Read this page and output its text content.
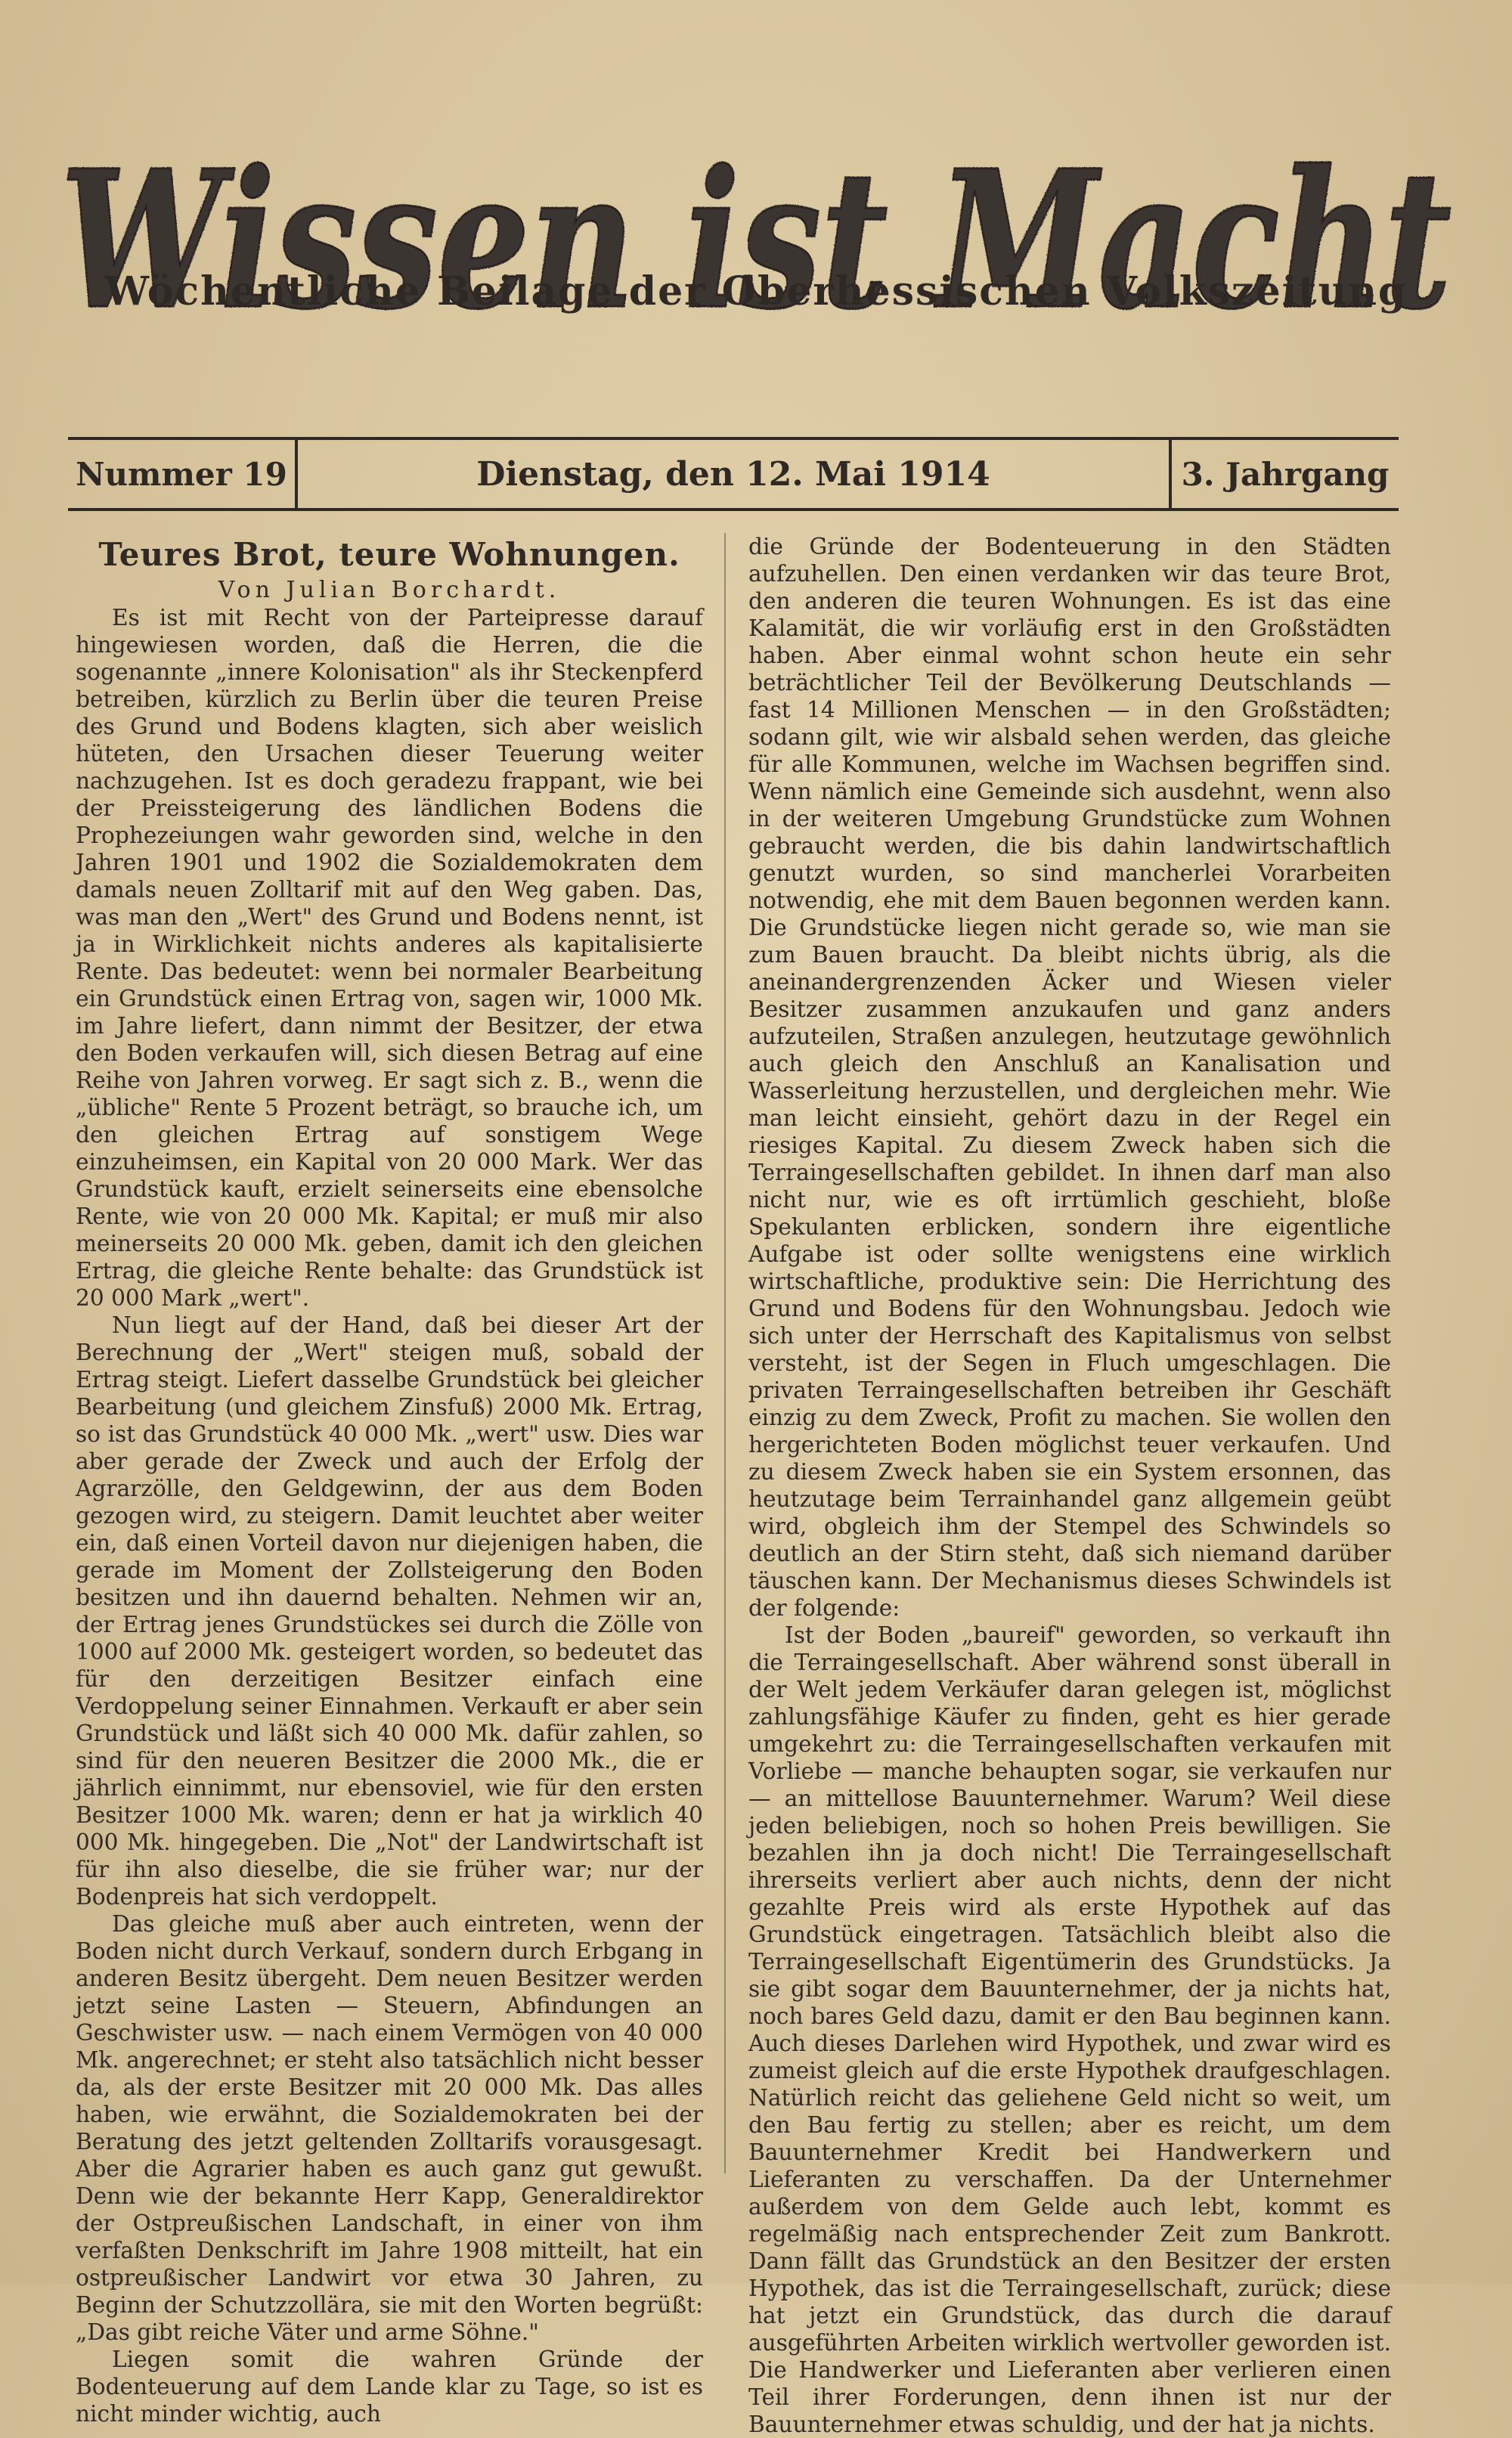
Wissen ist Macht
Wöchentliche Beilage der Oberhessischen Volkszeitung
Nummer 19	Dienstag, den 12. Mai 1914	3. Jahrgang

Teures Brot, teure Wohnungen.

Von Julian Borchardt.

Es ist mit Recht von der Parteipresse darauf hingewiesen worden, daß die Herren, die die sogenannte „innere Kolonisation" als ihr Steckenpferd betreiben, kürzlich zu Berlin über die teuren Preise des Grund und Bodens klagten, sich aber weislich hüteten, den Ursachen dieser Teuerung weiter nachzugehen. Ist es doch geradezu frappant, wie bei der Preissteigerung des ländlichen Bodens die Prophezeiungen wahr geworden sind, welche in den Jahren 1901 und 1902 die Sozialdemokraten dem damals neuen Zolltarif mit auf den Weg gaben. Das, was man den „Wert" des Grund und Bodens nennt, ist ja in Wirklichkeit nichts anderes als kapitalisierte Rente. Das bedeutet: wenn bei normaler Bearbeitung ein Grundstück einen Ertrag von, sagen wir, 1000 Mk. im Jahre liefert, dann nimmt der Besitzer, der etwa den Boden verkaufen will, sich diesen Betrag auf eine Reihe von Jahren vorweg. Er sagt sich z. B., wenn die „übliche" Rente 5 Prozent beträgt, so brauche ich, um den gleichen Ertrag auf sonstigem Wege einzuheimsen, ein Kapital von 20 000 Mark. Wer das Grundstück kauft, erzielt seinerseits eine ebensolche Rente, wie von 20 000 Mk. Kapital; er muß mir also meinerseits 20 000 Mk. geben, damit ich den gleichen Ertrag, die gleiche Rente behalte: das Grundstück ist 20 000 Mark „wert".

Nun liegt auf der Hand, daß bei dieser Art der Berechnung der „Wert" steigen muß, sobald der Ertrag steigt. Liefert dasselbe Grundstück bei gleicher Bearbeitung (und gleichem Zinsfuß) 2000 Mk. Ertrag, so ist das Grundstück 40 000 Mk. „wert" usw. Dies war aber gerade der Zweck und auch der Erfolg der Agrarzölle, den Geldgewinn, der aus dem Boden gezogen wird, zu steigern. Damit leuchtet aber weiter ein, daß einen Vorteil davon nur diejenigen haben, die gerade im Moment der Zollsteigerung den Boden besitzen und ihn dauernd behalten. Nehmen wir an, der Ertrag jenes Grundstückes sei durch die Zölle von 1000 auf 2000 Mk. gesteigert worden, so bedeutet das für den derzeitigen Besitzer einfach eine Verdoppelung seiner Einnahmen. Verkauft er aber sein Grundstück und läßt sich 40 000 Mk. dafür zahlen, so sind für den neueren Besitzer die 2000 Mk., die er jährlich einnimmt, nur ebensoviel, wie für den ersten Besitzer 1000 Mk. waren; denn er hat ja wirklich 40 000 Mk. hingegeben. Die „Not" der Landwirtschaft ist für ihn also dieselbe, die sie früher war; nur der Bodenpreis hat sich verdoppelt.

Das gleiche muß aber auch eintreten, wenn der Boden nicht durch Verkauf, sondern durch Erbgang in anderen Besitz übergeht. Dem neuen Besitzer werden jetzt seine Lasten — Steuern, Abfindungen an Geschwister usw. — nach einem Vermögen von 40 000 Mk. angerechnet; er steht also tatsächlich nicht besser da, als der erste Besitzer mit 20 000 Mk. Das alles haben, wie erwähnt, die Sozialdemokraten bei der Beratung des jetzt geltenden Zolltarifs vorausgesagt. Aber die Agrarier haben es auch ganz gut gewußt. Denn wie der bekannte Herr Kapp, Generaldirektor der Ostpreußischen Landschaft, in einer von ihm verfaßten Denkschrift im Jahre 1908 mitteilt, hat ein ostpreußischer Landwirt vor etwa 30 Jahren, zu Beginn der Schutzzollära, sie mit den Worten begrüßt: „Das gibt reiche Väter und arme Söhne."

Liegen somit die wahren Gründe der Bodenteuerung auf dem Lande klar zu Tage, so ist es nicht minder wichtig, auch

die Gründe der Bodenteuerung in den Städten aufzuhellen. Den einen verdanken wir das teure Brot, den anderen die teuren Wohnungen. Es ist das eine Kalamität, die wir vorläufig erst in den Großstädten haben. Aber einmal wohnt schon heute ein sehr beträchtlicher Teil der Bevölkerung Deutschlands — fast 14 Millionen Menschen — in den Großstädten; sodann gilt, wie wir alsbald sehen werden, das gleiche für alle Kommunen, welche im Wachsen begriffen sind. Wenn nämlich eine Gemeinde sich ausdehnt, wenn also in der weiteren Umgebung Grundstücke zum Wohnen gebraucht werden, die bis dahin landwirtschaftlich genutzt wurden, so sind mancherlei Vorarbeiten notwendig, ehe mit dem Bauen begonnen werden kann. Die Grundstücke liegen nicht gerade so, wie man sie zum Bauen braucht. Da bleibt nichts übrig, als die aneinandergrenzenden Äcker und Wiesen vieler Besitzer zusammen anzukaufen und ganz anders aufzuteilen, Straßen anzulegen, heutzutage gewöhnlich auch gleich den Anschluß an Kanalisation und Wasserleitung herzustellen, und dergleichen mehr. Wie man leicht einsieht, gehört dazu in der Regel ein riesiges Kapital. Zu diesem Zweck haben sich die Terraingesellschaften gebildet. In ihnen darf man also nicht nur, wie es oft irrtümlich geschieht, bloße Spekulanten erblicken, sondern ihre eigentliche Aufgabe ist oder sollte wenigstens eine wirklich wirtschaftliche, produktive sein: Die Herrichtung des Grund und Bodens für den Wohnungsbau. Jedoch wie sich unter der Herrschaft des Kapitalismus von selbst versteht, ist der Segen in Fluch umgeschlagen. Die privaten Terraingesellschaften betreiben ihr Geschäft einzig zu dem Zweck, Profit zu machen. Sie wollen den hergerichteten Boden möglichst teuer verkaufen. Und zu diesem Zweck haben sie ein System ersonnen, das heutzutage beim Terrainhandel ganz allgemein geübt wird, obgleich ihm der Stempel des Schwindels so deutlich an der Stirn steht, daß sich niemand darüber täuschen kann. Der Mechanismus dieses Schwindels ist der folgende:

Ist der Boden „baureif" geworden, so verkauft ihn die Terraingesellschaft. Aber während sonst überall in der Welt jedem Verkäufer daran gelegen ist, möglichst zahlungsfähige Käufer zu finden, geht es hier gerade umgekehrt zu: die Terraingesellschaften verkaufen mit Vorliebe — manche behaupten sogar, sie verkaufen nur — an mittellose Bauunternehmer. Warum? Weil diese jeden beliebigen, noch so hohen Preis bewilligen. Sie bezahlen ihn ja doch nicht! Die Terraingesellschaft ihrerseits verliert aber auch nichts, denn der nicht gezahlte Preis wird als erste Hypothek auf das Grundstück eingetragen. Tatsächlich bleibt also die Terraingesellschaft Eigentümerin des Grundstücks. Ja sie gibt sogar dem Bauunternehmer, der ja nichts hat, noch bares Geld dazu, damit er den Bau beginnen kann. Auch dieses Darlehen wird Hypothek, und zwar wird es zumeist gleich auf die erste Hypothek draufgeschlagen. Natürlich reicht das geliehene Geld nicht so weit, um den Bau fertig zu stellen; aber es reicht, um dem Bauunternehmer Kredit bei Handwerkern und Lieferanten zu verschaffen. Da der Unternehmer außerdem von dem Gelde auch lebt, kommt es regelmäßig nach entsprechender Zeit zum Bankrott. Dann fällt das Grundstück an den Besitzer der ersten Hypothek, das ist die Terraingesellschaft, zurück; diese hat jetzt ein Grundstück, das durch die darauf ausgeführten Arbeiten wirklich wertvoller geworden ist. Die Handwerker und Lieferanten aber verlieren einen Teil ihrer Forderungen, denn ihnen ist nur der Bauunternehmer etwas schuldig, und der hat ja nichts.
